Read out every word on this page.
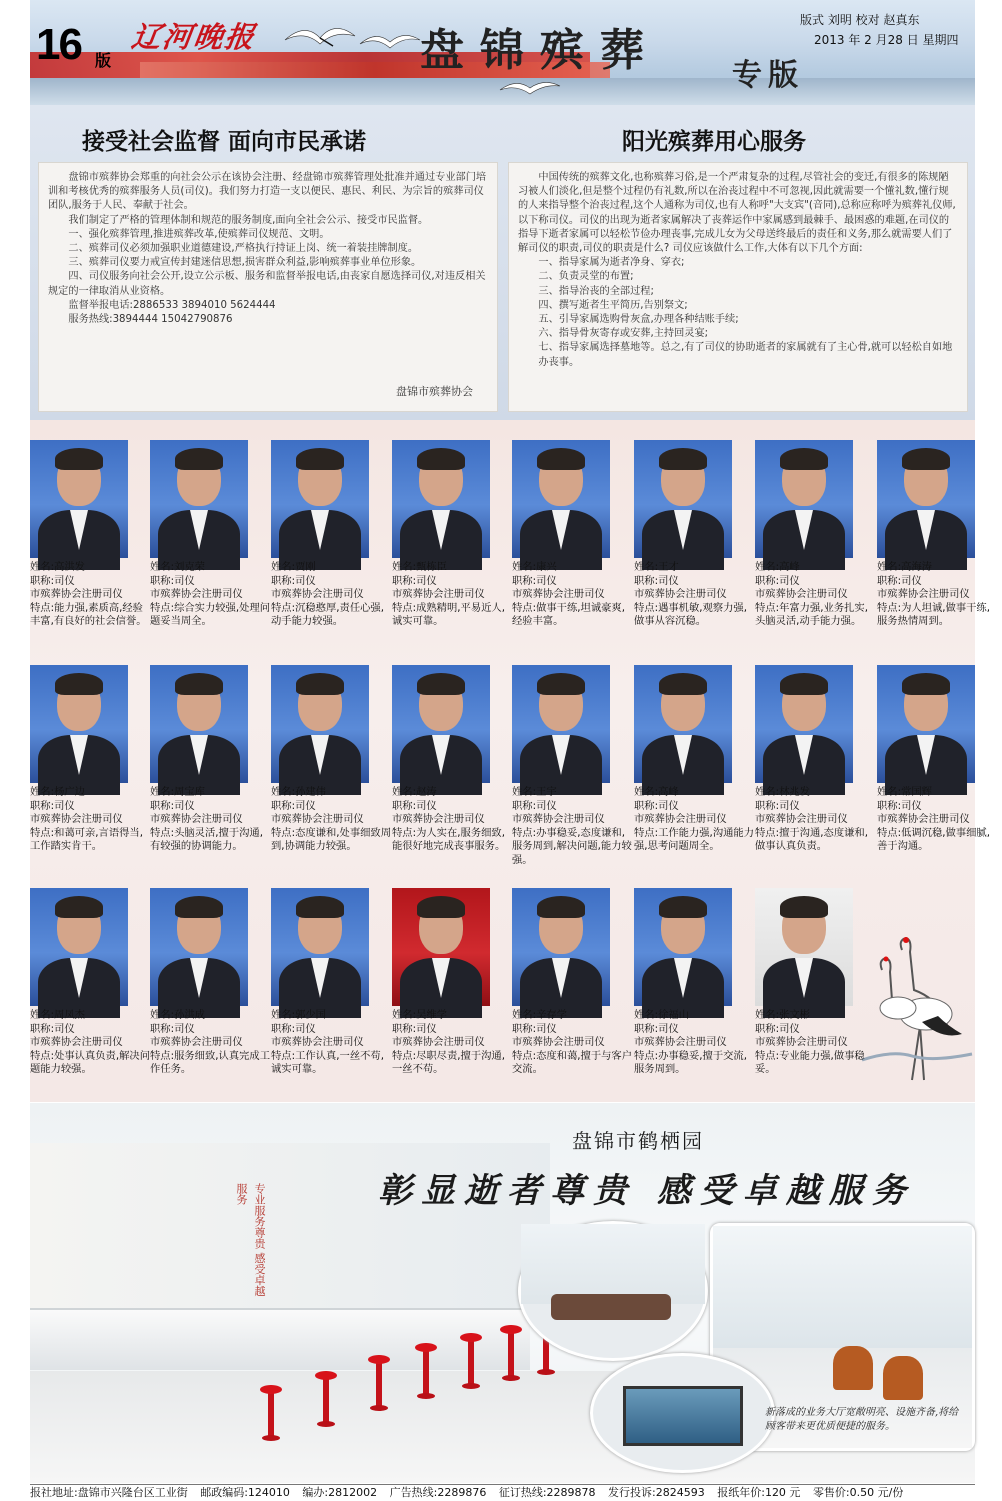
16 版
辽河晚报	盘锦殡葬 专版
版式 刘明 校对 赵真东
2013 年 2 月28 日 星期四
接受社会监督 面向市民承诺	阳光殡葬用心服务

盘锦市殡葬协会郑重的向社会公示在该协会注册、经盘锦市殡葬管理处批准并通过专业部门培训和考核优秀的殡葬服务人员(司仪)。我们努力打造一支以便民、惠民、利民、为宗旨的殡葬司仪团队,服务于人民、奉献于社会。

我们制定了严格的管理体制和规范的服务制度,面向全社会公示、接受市民监督。

一、强化殡葬管理,推进殡葬改革,使殡葬司仪规范、文明。

二、殡葬司仪必须加强职业道德建设,严格执行持证上岗、统一着装挂牌制度。

三、殡葬司仪要力戒宣传封建迷信思想,损害群众利益,影响殡葬事业单位形象。

四、司仪服务向社会公开,设立公示板、服务和监督举报电话,由丧家自愿选择司仪,对违反相关规定的一律取消从业资格。

监督举报电话:2886533 3894010 5624444

服务热线:3894444 15042790876

盘锦市殡葬协会

中国传统的殡葬文化,也称殡葬习俗,是一个严肃复杂的过程,尽管社会的变迁,有很多的陈规陋习被人们淡化,但是整个过程仍有礼数,所以在治丧过程中不可忽视,因此就需要一个懂礼数,懂行规的人来指导整个治丧过程,这个人通称为司仪,也有人称呼"大支宾"(音同),总称应称呼为殡葬礼仪师,以下称司仪。司仪的出现为逝者家属解决了丧葬运作中家属感到最棘手、最困惑的难题,在司仪的指导下逝者家属可以轻松节俭办理丧事,完成儿女为父母送终最后的责任和义务,那么就需要人们了解司仪的职责,司仪的职责是什么? 司仪应该做什么工作,大体有以下几个方面:

一、指导家属为逝者净身、穿衣;

二、负责灵堂的布置;

三、指导治丧的全部过程;

四、撰写逝者生平简历,告别祭文;

五、引导家属选购骨灰盒,办理各种结账手续;

六、指导骨灰寄存或安葬,主持回灵宴;

七、指导家属选择墓地等。总之,有了司仪的协助逝者的家属就有了主心骨,就可以轻松自如地办丧事。

姓名:高洪发
职称:司仪
市殡葬协会注册司仪
特点:能力强,素质高,经验丰富,有良好的社会信誉。
姓名:刘克荣
职称:司仪
市殡葬协会注册司仪
特点:综合实力较强,处理问题妥当周全。
姓名:贾刚
职称:司仪
市殡葬协会注册司仪
特点:沉稳憨厚,责任心强,动手能力较强。
姓名:甄栋臣
职称:司仪
市殡葬协会注册司仪
特点:成熟精明,平易近人,诚实可靠。
姓名:康兴
职称:司仪
市殡葬协会注册司仪
特点:做事干练,坦诚豪爽,经验丰富。
姓名:王才
职称:司仪
市殡葬协会注册司仪
特点:遇事机敏,观察力强,做事从容沉稳。
姓名:高峰
职称:司仪
市殡葬协会注册司仪
特点:年富力强,业务扎实,头脑灵活,动手能力强。
姓名:高海涛
职称:司仪
市殡葬协会注册司仪
特点:为人坦诚,做事干练,服务热情周到。
姓名:杨广边
职称:司仪
市殡葬协会注册司仪
特点:和蔼可亲,言语得当,工作踏实肯干。
姓名:周宝库
职称:司仪
市殡葬协会注册司仪
特点:头脑灵活,擅于沟通,有较强的协调能力。
姓名:孙建伟
职称:司仪
市殡葬协会注册司仪
特点:态度谦和,处事细致周到,协调能力较强。
姓名:赵涛
职称:司仪
市殡葬协会注册司仪
特点:为人实在,服务细致,能很好地完成丧事服务。
姓名:王宇
职称:司仪
市殡葬协会注册司仪
特点:办事稳妥,态度谦和,服务周到,解决问题,能力较强。
姓名:高峰
职称:司仪
市殡葬协会注册司仪
特点:工作能力强,沟通能力强,思考问题周全。
姓名:林兆发
职称:司仪
市殡葬协会注册司仪
特点:擅于沟通,态度谦和,做事认真负责。
姓名:常国辉
职称:司仪
市殡葬协会注册司仪
特点:低调沉稳,做事细腻,善于沟通。
姓名:周凤杰
职称:司仪
市殡葬协会注册司仪
特点:处事认真负责,解决问题能力较强。
姓名:孙洪成
职称:司仪
市殡葬协会注册司仪
特点:服务细致,认真完成工作任务。
姓名:郭少国
职称:司仪
市殡葬协会注册司仪
特点:工作认真,一丝不苟,诚实可靠。
姓名:吴维学
职称:司仪
市殡葬协会注册司仪
特点:尽职尽责,擅于沟通,一丝不苟。
姓名:辛存学
职称:司仪
市殡葬协会注册司仪
特点:态度和蔼,擅于与客户交流。
姓名:徐福山
职称:司仪
市殡葬协会注册司仪
特点:办事稳妥,擅于交流,服务周到。
姓名:张文彬
职称:司仪
市殡葬协会注册司仪
特点:专业能力强,做事稳妥。
专业服务尊贵 感受卓越服务
盘锦市鹤栖园
彰显逝者尊贵 感受卓越服务
新落成的业务大厅宽敞明亮、设施齐备,将给顾客带来更优质便捷的服务。
报社地址:盘锦市兴隆台区工业街 邮政编码:124010 编办:2812002 广告热线:2289876 征订热线:2289878 发行投诉:2824593 报纸年价:120 元 零售价:0.50 元/份
